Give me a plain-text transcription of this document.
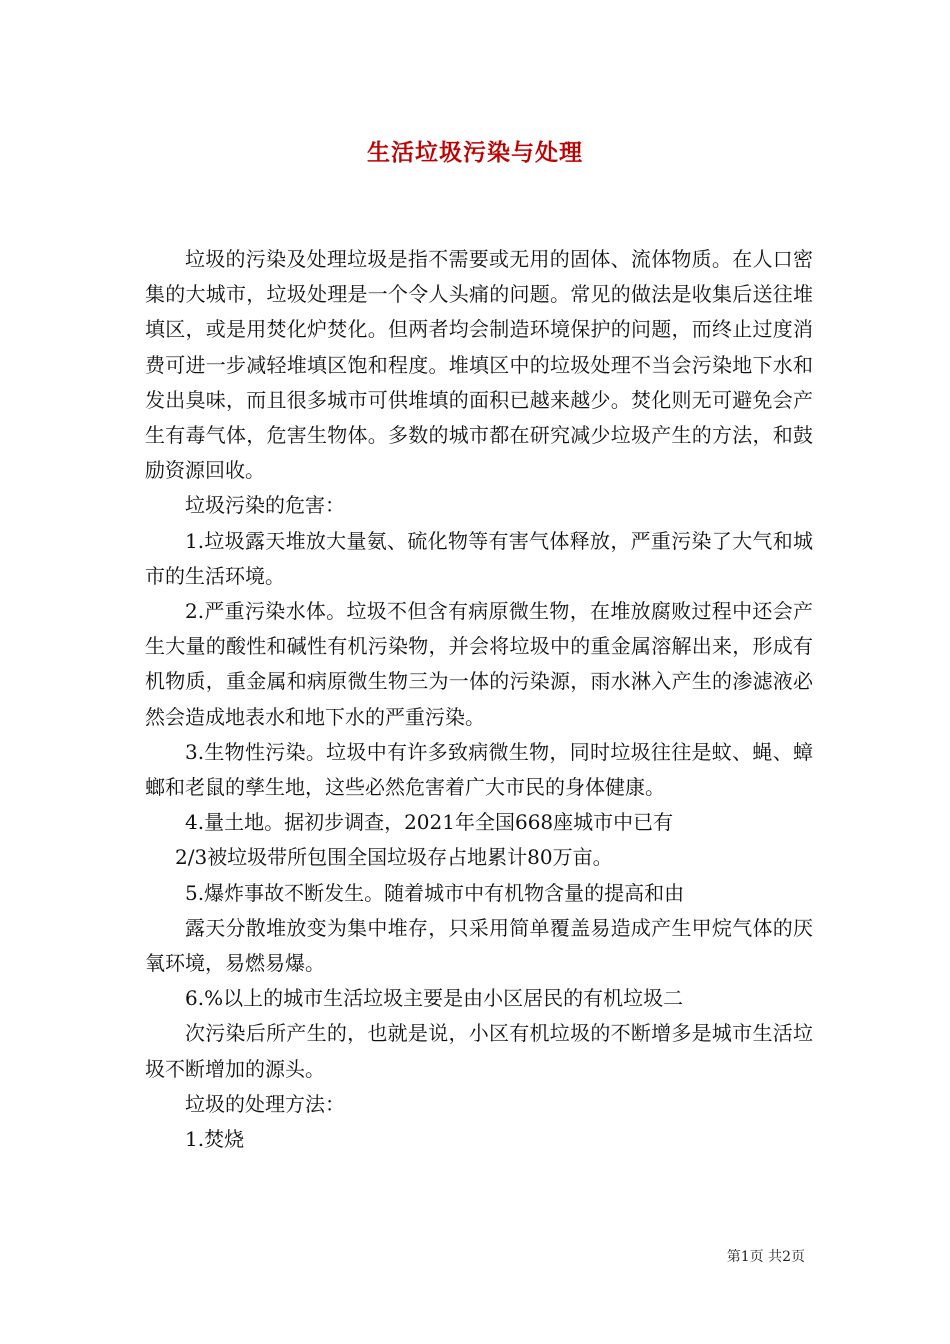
生活垃圾污染与处理

垃圾的污染及处理垃圾是指不需要或无用的固体、流体物质。在人口密集的大城市，垃圾处理是一个令人头痛的问题。常见的做法是收集后送往堆填区，或是用焚化炉焚化。但两者均会制造环境保护的问题，而终止过度消费可进一步减轻堆填区饱和程度。堆填区中的垃圾处理不当会污染地下水和发出臭味，而且很多城市可供堆填的面积已越来越少。焚化则无可避免会产生有毒气体，危害生物体。多数的城市都在研究减少垃圾产生的方法，和鼓励资源回收。

垃圾污染的危害：

1.垃圾露天堆放大量氨、硫化物等有害气体释放，严重污染了大气和城市的生活环境。

2.严重污染水体。垃圾不但含有病原微生物，在堆放腐败过程中还会产生大量的酸性和碱性有机污染物，并会将垃圾中的重金属溶解出来，形成有机物质，重金属和病原微生物三为一体的污染源，雨水淋入产生的渗滤液必然会造成地表水和地下水的严重污染。

3.生物性污染。垃圾中有许多致病微生物，同时垃圾往往是蚊、蝇、蟑螂和老鼠的孳生地，这些必然危害着广大市民的身体健康。

4.量土地。据初步调查，2021年全国668座城市中已有

2/3被垃圾带所包围全国垃圾存占地累计80万亩。

5.爆炸事故不断发生。随着城市中有机物含量的提高和由

露天分散堆放变为集中堆存，只采用简单覆盖易造成产生甲烷气体的厌氧环境，易燃易爆。

6.%以上的城市生活垃圾主要是由小区居民的有机垃圾二

次污染后所产生的，也就是说，小区有机垃圾的不断增多是城市生活垃圾不断增加的源头。

垃圾的处理方法：

1.焚烧

第1页 共2页
